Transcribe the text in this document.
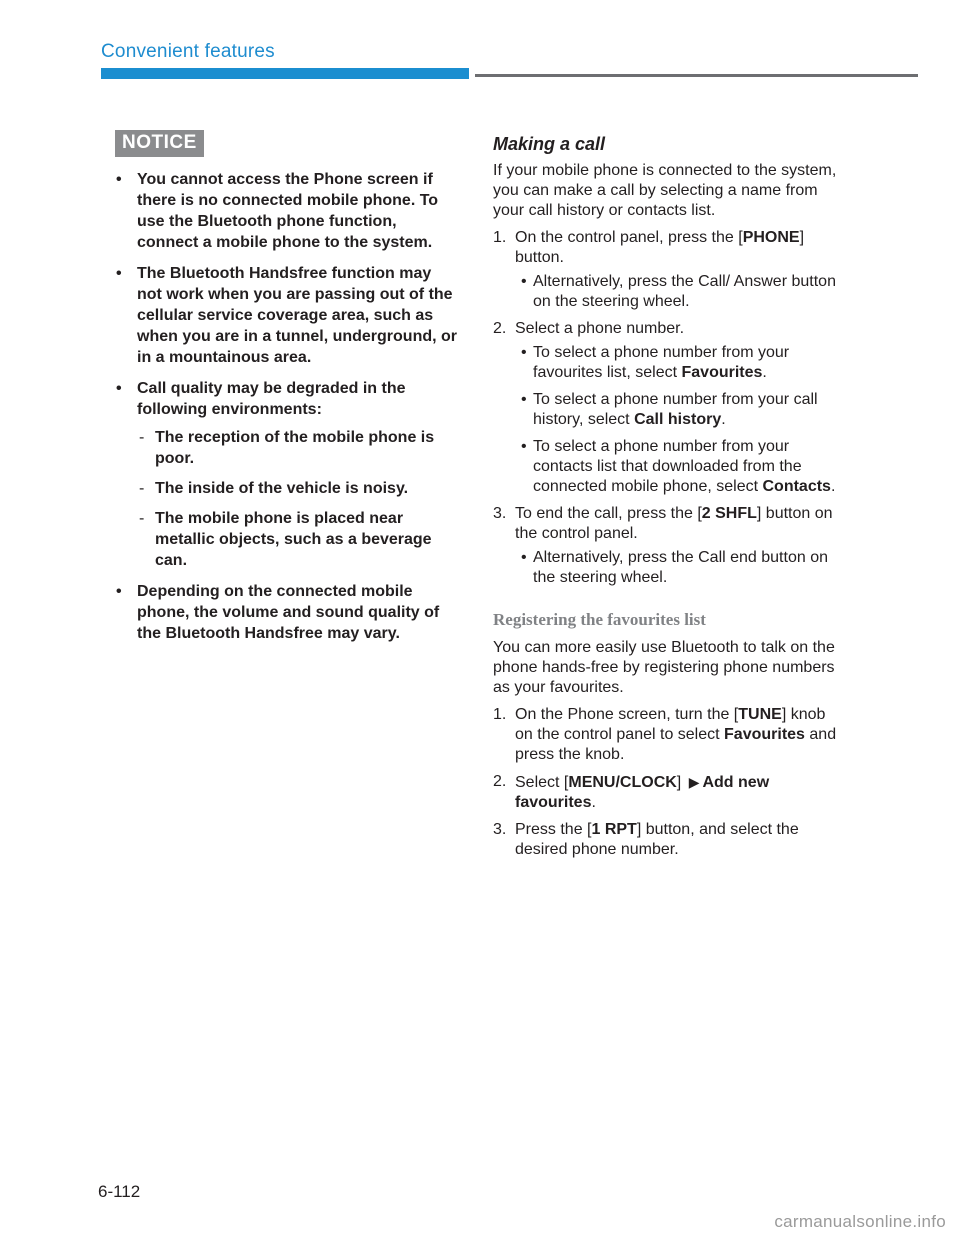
Convenient features
NOTICE
• You cannot access the Phone screen if there is no connected mobile phone. To use the Bluetooth phone function, connect a mobile phone to the system.
• The Bluetooth Handsfree function may not work when you are passing out of the cellular service coverage area, such as when you are in a tunnel, underground, or in a mountainous area.
• Call quality may be degraded in the following environments:
- The reception of the mobile phone is poor.
- The inside of the vehicle is noisy.
- The mobile phone is placed near metallic objects, such as a beverage can.
• Depending on the connected mobile phone, the volume and sound quality of the Bluetooth Handsfree may vary.
Making a call

If your mobile phone is connected to the system, you can make a call by selecting a name from your call history or contacts list.

1. On the control panel, press the [PHONE] button.
• Alternatively, press the Call/ Answer button on the steering wheel.
2. Select a phone number.
• To select a phone number from your favourites list, select Favourites.
• To select a phone number from your call history, select Call history.
• To select a phone number from your contacts list that downloaded from the connected mobile phone, select Contacts.
3. To end the call, press the [2 SHFL] button on the control panel.
• Alternatively, press the Call end button on the steering wheel.
Registering the favourites list

You can more easily use Bluetooth to talk on the phone hands-free by registering phone numbers as your favourites.

1. On the Phone screen, turn the [TUNE] knob on the control panel to select Favourites and press the knob.
2. Select [MENU/CLOCK] ▶ Add new favourites.
3. Press the [1 RPT] button, and select the desired phone number.
6-112
carmanualsonline.info
